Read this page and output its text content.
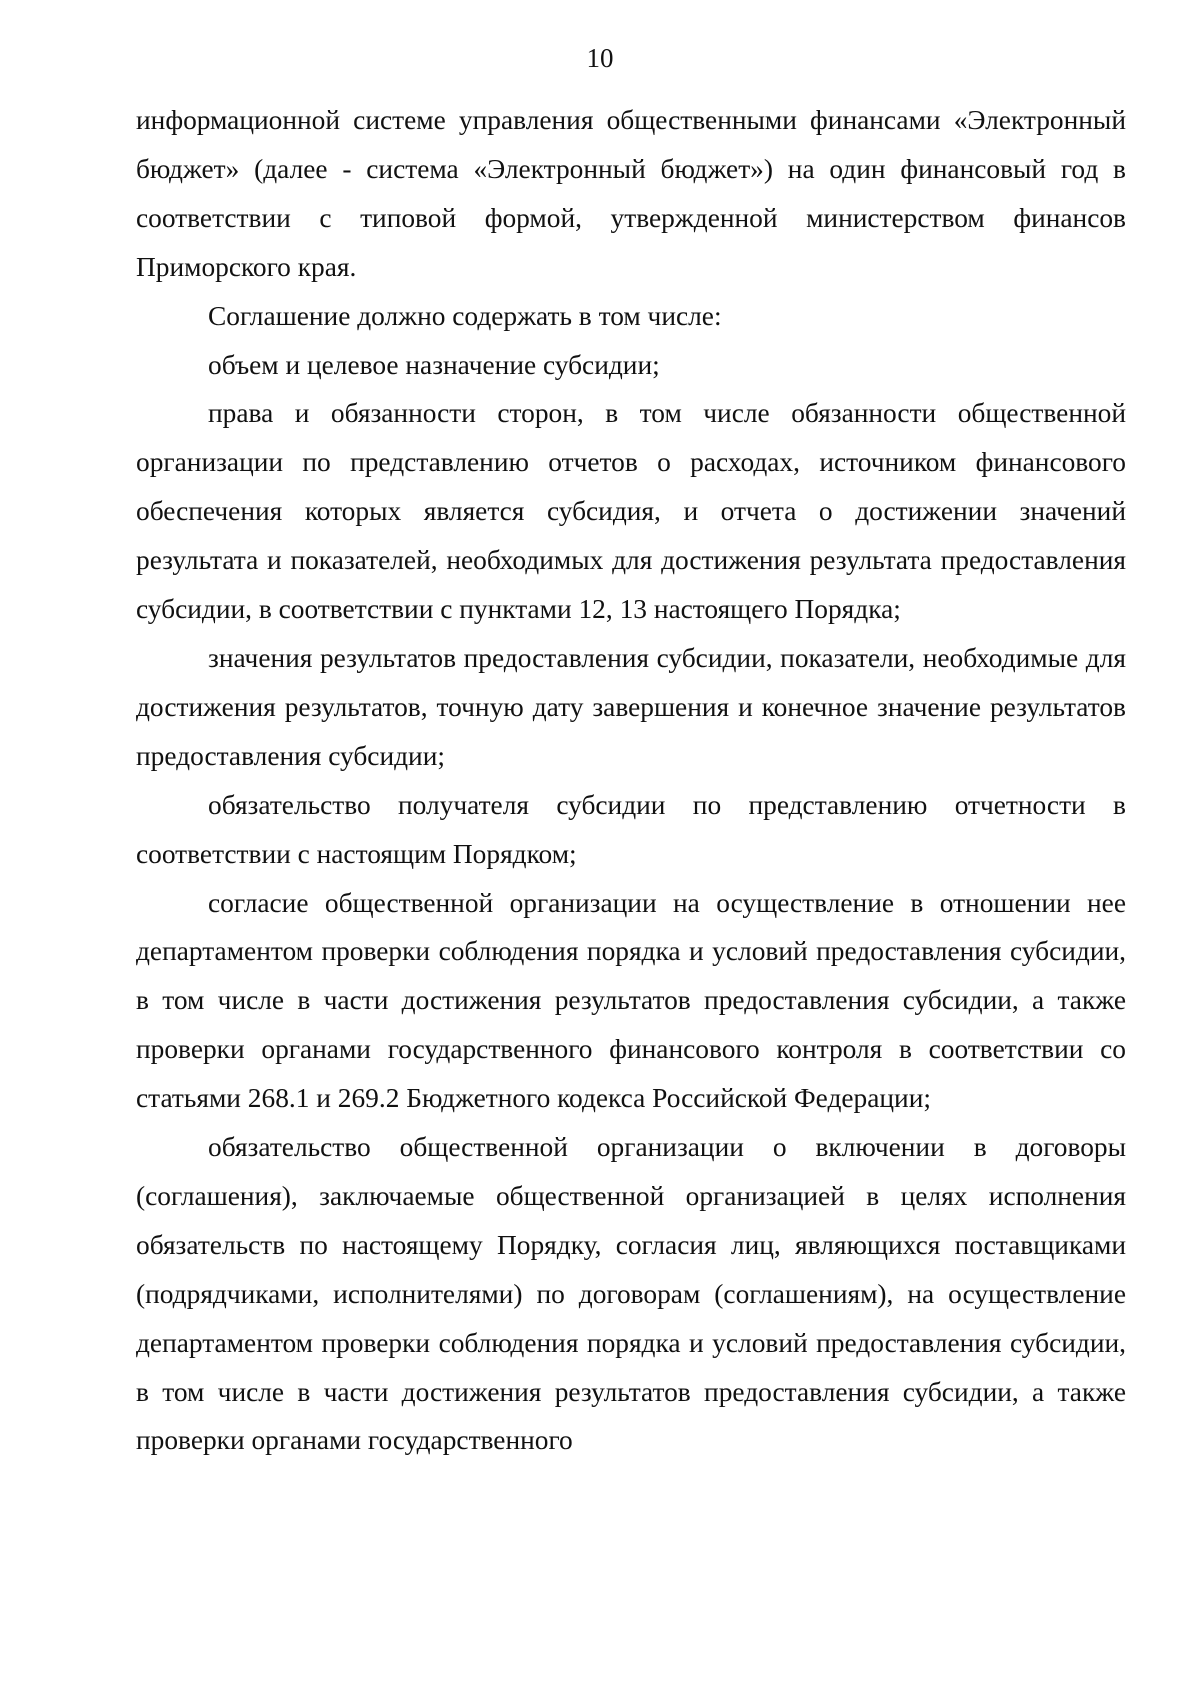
10

информационной системе управления общественными финансами «Электронный бюджет» (далее - система «Электронный бюджет») на один финансовый год в соответствии с типовой формой, утвержденной министерством финансов Приморского края.

Соглашение должно содержать в том числе:

объем и целевое назначение субсидии;

права и обязанности сторон, в том числе обязанности общественной организации по представлению отчетов о расходах, источником финансового обеспечения которых является субсидия, и отчета о достижении значений результата и показателей, необходимых для достижения результата предоставления субсидии, в соответствии с пунктами 12, 13 настоящего Порядка;

значения результатов предоставления субсидии, показатели, необходимые для достижения результатов, точную дату завершения и конечное значение результатов предоставления субсидии;

обязательство получателя субсидии по представлению отчетности в соответствии с настоящим Порядком;

согласие общественной организации на осуществление в отношении нее департаментом проверки соблюдения порядка и условий предоставления субсидии, в том числе в части достижения результатов предоставления субсидии, а также проверки органами государственного финансового контроля в соответствии со статьями 268.1 и 269.2 Бюджетного кодекса Российской Федерации;

обязательство общественной организации о включении в договоры (соглашения), заключаемые общественной организацией в целях исполнения обязательств по настоящему Порядку, согласия лиц, являющихся поставщиками (подрядчиками, исполнителями) по договорам (соглашениям), на осуществление департаментом проверки соблюдения порядка и условий предоставления субсидии, в том числе в части достижения результатов предоставления субсидии, а также проверки органами государственного
